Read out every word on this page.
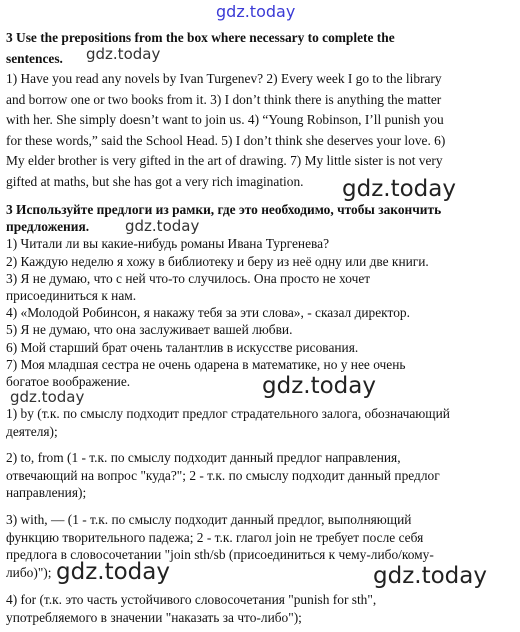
gdz.today
gdz.today
gdz.today
gdz.today
gdz.today
gdz.today
gdz.today	gdz.today
3 Use the prepositions from the box where necessary to complete the
sentences.
1) Have you read any novels by Ivan Turgenev? 2) Every week I go to the library
and borrow one or two books from it. 3) I don’t think there is anything the matter
with her. She simply doesn’t want to join us. 4) “Young Robinson, I’ll punish you
for these words,” said the School Head. 5) I don’t think she deserves your love. 6)
My elder brother is very gifted in the art of drawing. 7) My little sister is not very
gifted at maths, but she has got a very rich imagination.
3 Используйте предлоги из рамки, где это необходимо, чтобы закончить
предложения.
1) Читали ли вы какие-нибудь романы Ивана Тургенева?
2) Каждую неделю я хожу в библиотеку и беру из неё одну или две книги.
3) Я не думаю, что с ней что-то случилось. Она просто не хочет
присоединиться к нам.
4) «Молодой Робинсон, я накажу тебя за эти слова», - сказал директор.
5) Я не думаю, что она заслуживает вашей любви.
6) Мой старший брат очень талантлив в искусстве рисования.
7) Моя младшая сестра не очень одарена в математике, но у нее очень
богатое воображение.
1) by (т.к. по смыслу подходит предлог страдательного залога, обозначающий
деятеля);
2) to, from (1 - т.к. по смыслу подходит данный предлог направления,
отвечающий на вопрос "куда?"; 2 - т.к. по смыслу подходит данный предлог
направления);
3) with, — (1 - т.к. по смыслу подходит данный предлог, выполняющий
функцию творительного падежа; 2 - т.к. глагол join не требует после себя
предлога в словосочетании "join sth/sb (присоединиться к чему-либо/кому-
либо)");
4) for (т.к. это часть устойчивого словосочетания "punish for sth",
употребляемого в значении "наказать за что-либо");
